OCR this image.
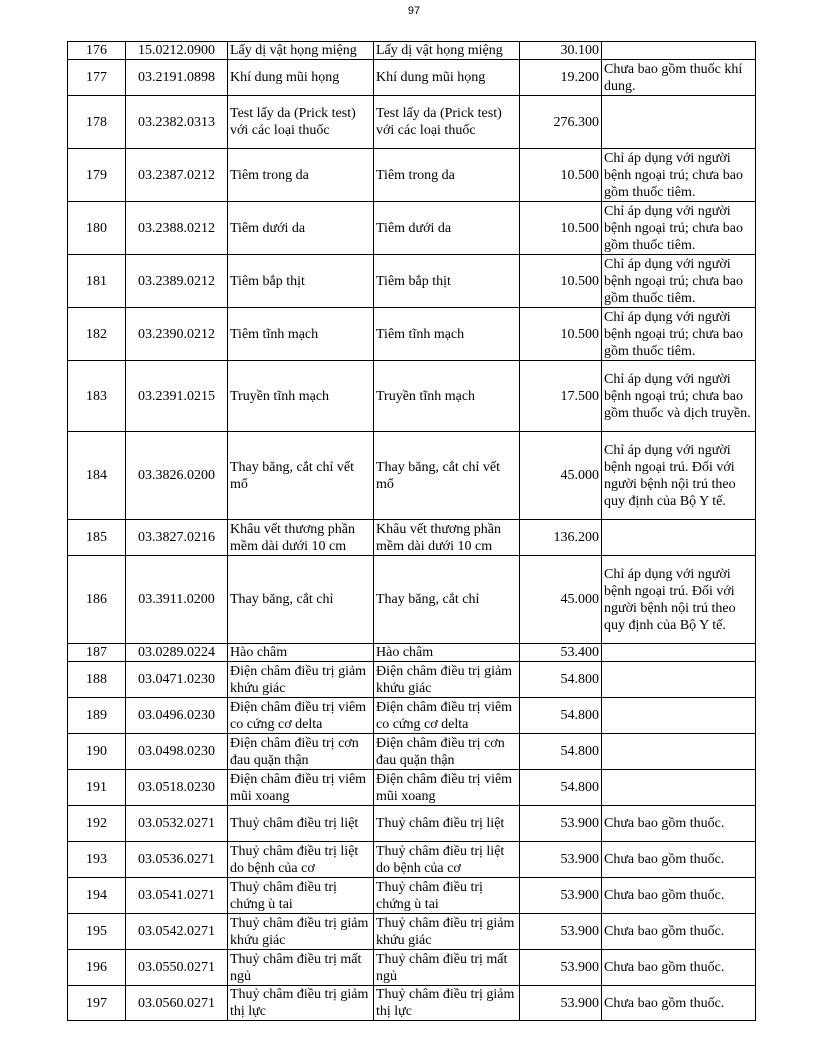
97
176	15.0212.0900	Lấy dị vật họng miệng	Lấy dị vật họng miệng	30.100	
177	03.2191.0898	Khí dung mũi họng	Khí dung mũi họng	19.200	Chưa bao gồm thuốc khí dung.
178	03.2382.0313	Test lấy da (Prick test) với các loại thuốc	Test lấy da (Prick test) với các loại thuốc	276.300	
179	03.2387.0212	Tiêm trong da	Tiêm trong da	10.500	Chỉ áp dụng với người bệnh ngoại trú; chưa bao gồm thuốc tiêm.
180	03.2388.0212	Tiêm dưới da	Tiêm dưới da	10.500	Chỉ áp dụng với người bệnh ngoại trú; chưa bao gồm thuốc tiêm.
181	03.2389.0212	Tiêm bắp thịt	Tiêm bắp thịt	10.500	Chỉ áp dụng với người bệnh ngoại trú; chưa bao gồm thuốc tiêm.
182	03.2390.0212	Tiêm tĩnh mạch	Tiêm tĩnh mạch	10.500	Chỉ áp dụng với người bệnh ngoại trú; chưa bao gồm thuốc tiêm.
183	03.2391.0215	Truyền tĩnh mạch	Truyền tĩnh mạch	17.500	Chỉ áp dụng với người bệnh ngoại trú; chưa bao gồm thuốc và dịch truyền.
184	03.3826.0200	Thay băng, cắt chỉ vết mổ	Thay băng, cắt chỉ vết mổ	45.000	Chỉ áp dụng với người bệnh ngoại trú. Đối với người bệnh nội trú theo quy định của Bộ Y tế.
185	03.3827.0216	Khâu vết thương phần mềm dài dưới 10 cm	Khâu vết thương phần mềm dài dưới 10 cm	136.200	
186	03.3911.0200	Thay băng, cắt chỉ	Thay băng, cắt chỉ	45.000	Chỉ áp dụng với người bệnh ngoại trú. Đối với người bệnh nội trú theo quy định của Bộ Y tế.
187	03.0289.0224	Hào châm	Hào châm	53.400	
188	03.0471.0230	Điện châm điều trị giảm khứu giác	Điện châm điều trị giảm khứu giác	54.800	
189	03.0496.0230	Điện châm điều trị viêm co cứng cơ delta	Điện châm điều trị viêm co cứng cơ delta	54.800	
190	03.0498.0230	Điện châm điều trị cơn đau quặn thận	Điện châm điều trị cơn đau quặn thận	54.800	
191	03.0518.0230	Điện châm điều trị viêm mũi xoang	Điện châm điều trị viêm mũi xoang	54.800	
192	03.0532.0271	Thuỷ châm điều trị liệt	Thuỷ châm điều trị liệt	53.900	Chưa bao gồm thuốc.
193	03.0536.0271	Thuỷ châm điều trị liệt do bệnh của cơ	Thuỷ châm điều trị liệt do bệnh của cơ	53.900	Chưa bao gồm thuốc.
194	03.0541.0271	Thuỷ châm điều trị chứng ù tai	Thuỷ châm điều trị chứng ù tai	53.900	Chưa bao gồm thuốc.
195	03.0542.0271	Thuỷ châm điều trị giảm khứu giác	Thuỷ châm điều trị giảm khứu giác	53.900	Chưa bao gồm thuốc.
196	03.0550.0271	Thuỷ châm điều trị mất ngủ	Thuỷ châm điều trị mất ngủ	53.900	Chưa bao gồm thuốc.
197	03.0560.0271	Thuỷ châm điều trị giảm thị lực	Thuỷ châm điều trị giảm thị lực	53.900	Chưa bao gồm thuốc.
